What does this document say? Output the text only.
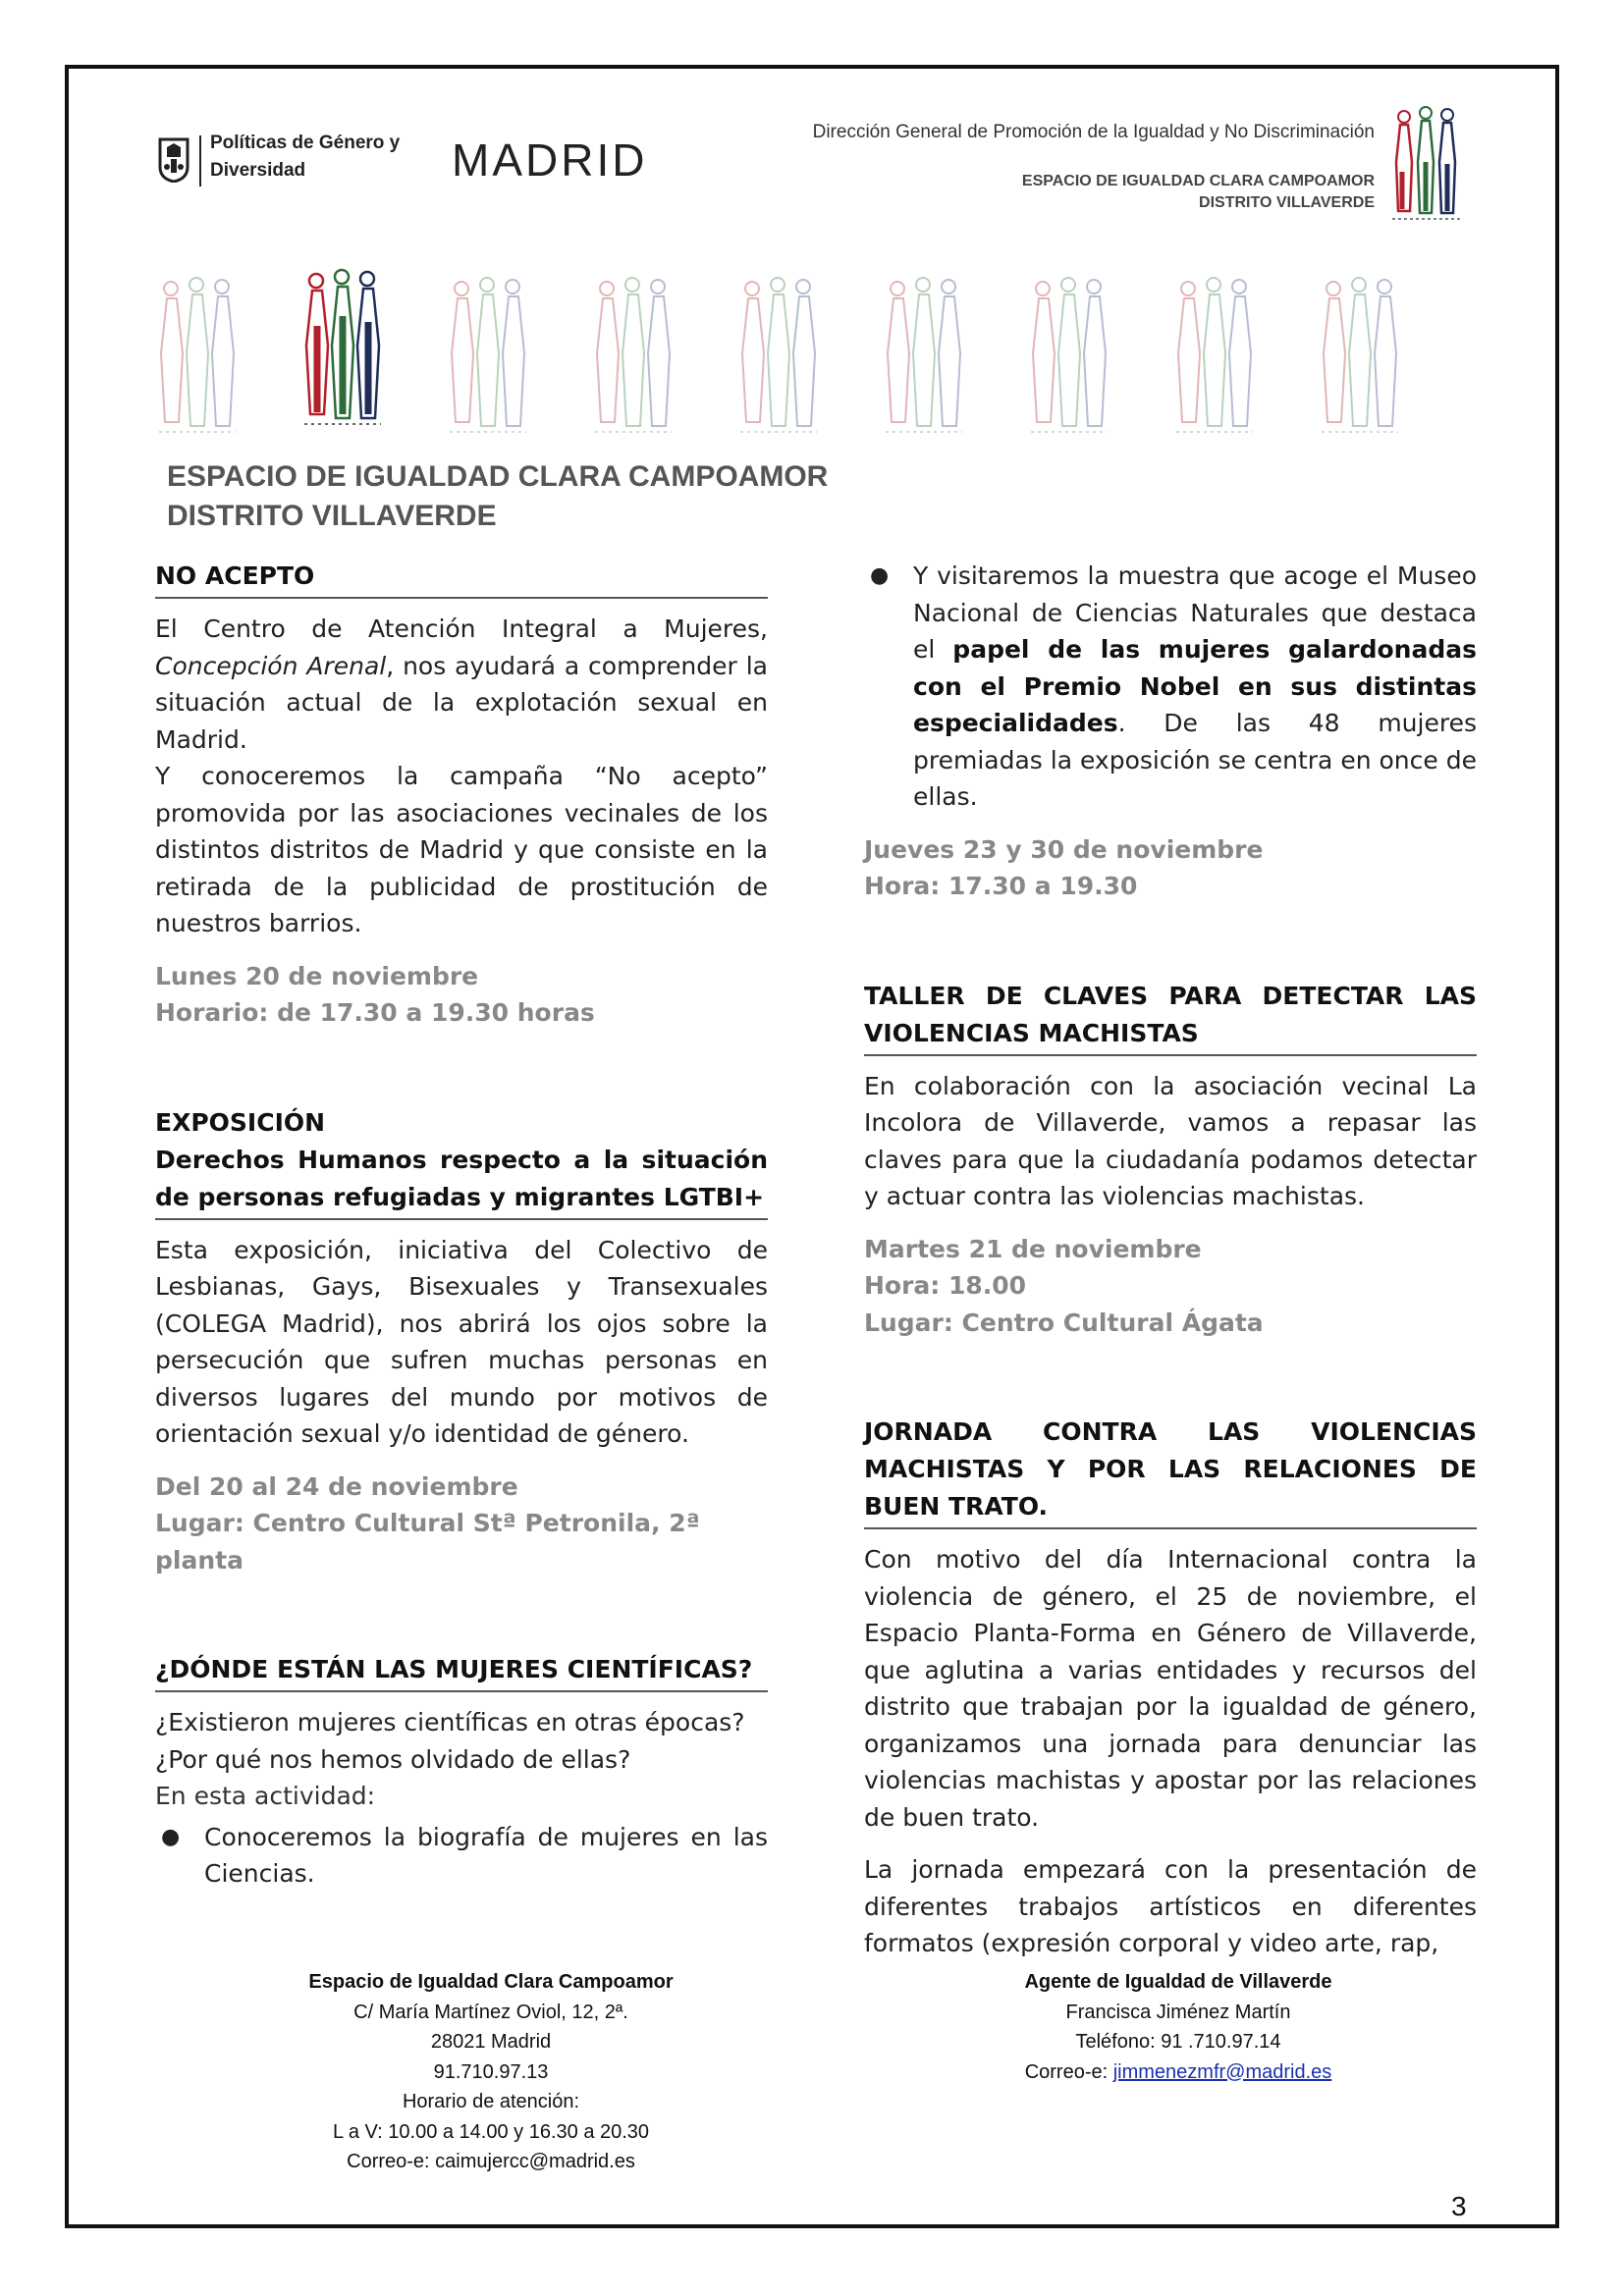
Políticas de Género y
Diversidad	MADRID
Dirección General de Promoción de la Igualdad y No Discriminación
ESPACIO DE IGUALDAD CLARA CAMPOAMOR
DISTRITO VILLAVERDE
ESPACIO DE IGUALDAD CLARA CAMPOAMOR
DISTRITO VILLAVERDE
NO ACEPTO

El Centro de Atención Integral a Mujeres, Concepción Arenal, nos ayudará a comprender la situación actual de la explotación sexual en Madrid.

Y conoceremos la campaña “No acepto” promovida por las asociaciones vecinales de los distintos distritos de Madrid y que consiste en la retirada de la publicidad de prostitución de nuestros barrios.

Lunes 20 de noviembre
Horario: de 17.30 a 19.30 horas
EXPOSICIÓN
Derechos Humanos respecto a la situación de personas refugiadas y migrantes LGTBI+

Esta exposición, iniciativa del Colectivo de Lesbianas, Gays, Bisexuales y Transexuales (COLEGA Madrid), nos abrirá los ojos sobre la persecución que sufren muchas personas en diversos lugares del mundo por motivos de orientación sexual y/o identidad de género.

Del 20 al 24 de noviembre
Lugar: Centro Cultural Stª Petronila, 2ª planta
¿DÓNDE ESTÁN LAS MUJERES CIENTÍFICAS?
¿Existieron mujeres científicas en otras épocas?
¿Por qué nos hemos olvidado de ellas?
En esta actividad:
● Conoceremos la biografía de mujeres en las Ciencias.
● Y visitaremos la muestra que acoge el Museo Nacional de Ciencias Naturales que destaca el papel de las mujeres galardonadas con el Premio Nobel en sus distintas especialidades. De las 48 mujeres premiadas la exposición se centra en once de ellas.
Jueves 23 y 30 de noviembre
Hora: 17.30 a 19.30
TALLER DE CLAVES PARA DETECTAR LAS VIOLENCIAS MACHISTAS

En colaboración con la asociación vecinal La Incolora de Villaverde, vamos a repasar las claves para que la ciudadanía podamos detectar y actuar contra las violencias machistas.

Martes 21 de noviembre
Hora: 18.00
Lugar: Centro Cultural Ágata
JORNADA CONTRA LAS VIOLENCIAS MACHISTAS Y POR LAS RELACIONES DE BUEN TRATO.

Con motivo del día Internacional contra la violencia de género, el 25 de noviembre, el Espacio Planta-Forma en Género de Villaverde, que aglutina a varias entidades y recursos del distrito que trabajan por la igualdad de género, organizamos una jornada para denunciar las violencias machistas y apostar por las relaciones de buen trato.

La jornada empezará con la presentación de diferentes trabajos artísticos en diferentes formatos (expresión corporal y video arte, rap,

Espacio de Igualdad Clara Campoamor
C/ María Martínez Oviol, 12, 2ª.
28021 Madrid
91.710.97.13
Horario de atención:
L a V: 10.00 a 14.00 y 16.30 a 20.30
Correo-e: caimujercc@madrid.es
Agente de Igualdad de Villaverde
Francisca Jiménez Martín
Teléfono: 91 .710.97.14
Correo-e: jimmenezmfr@madrid.es
3
